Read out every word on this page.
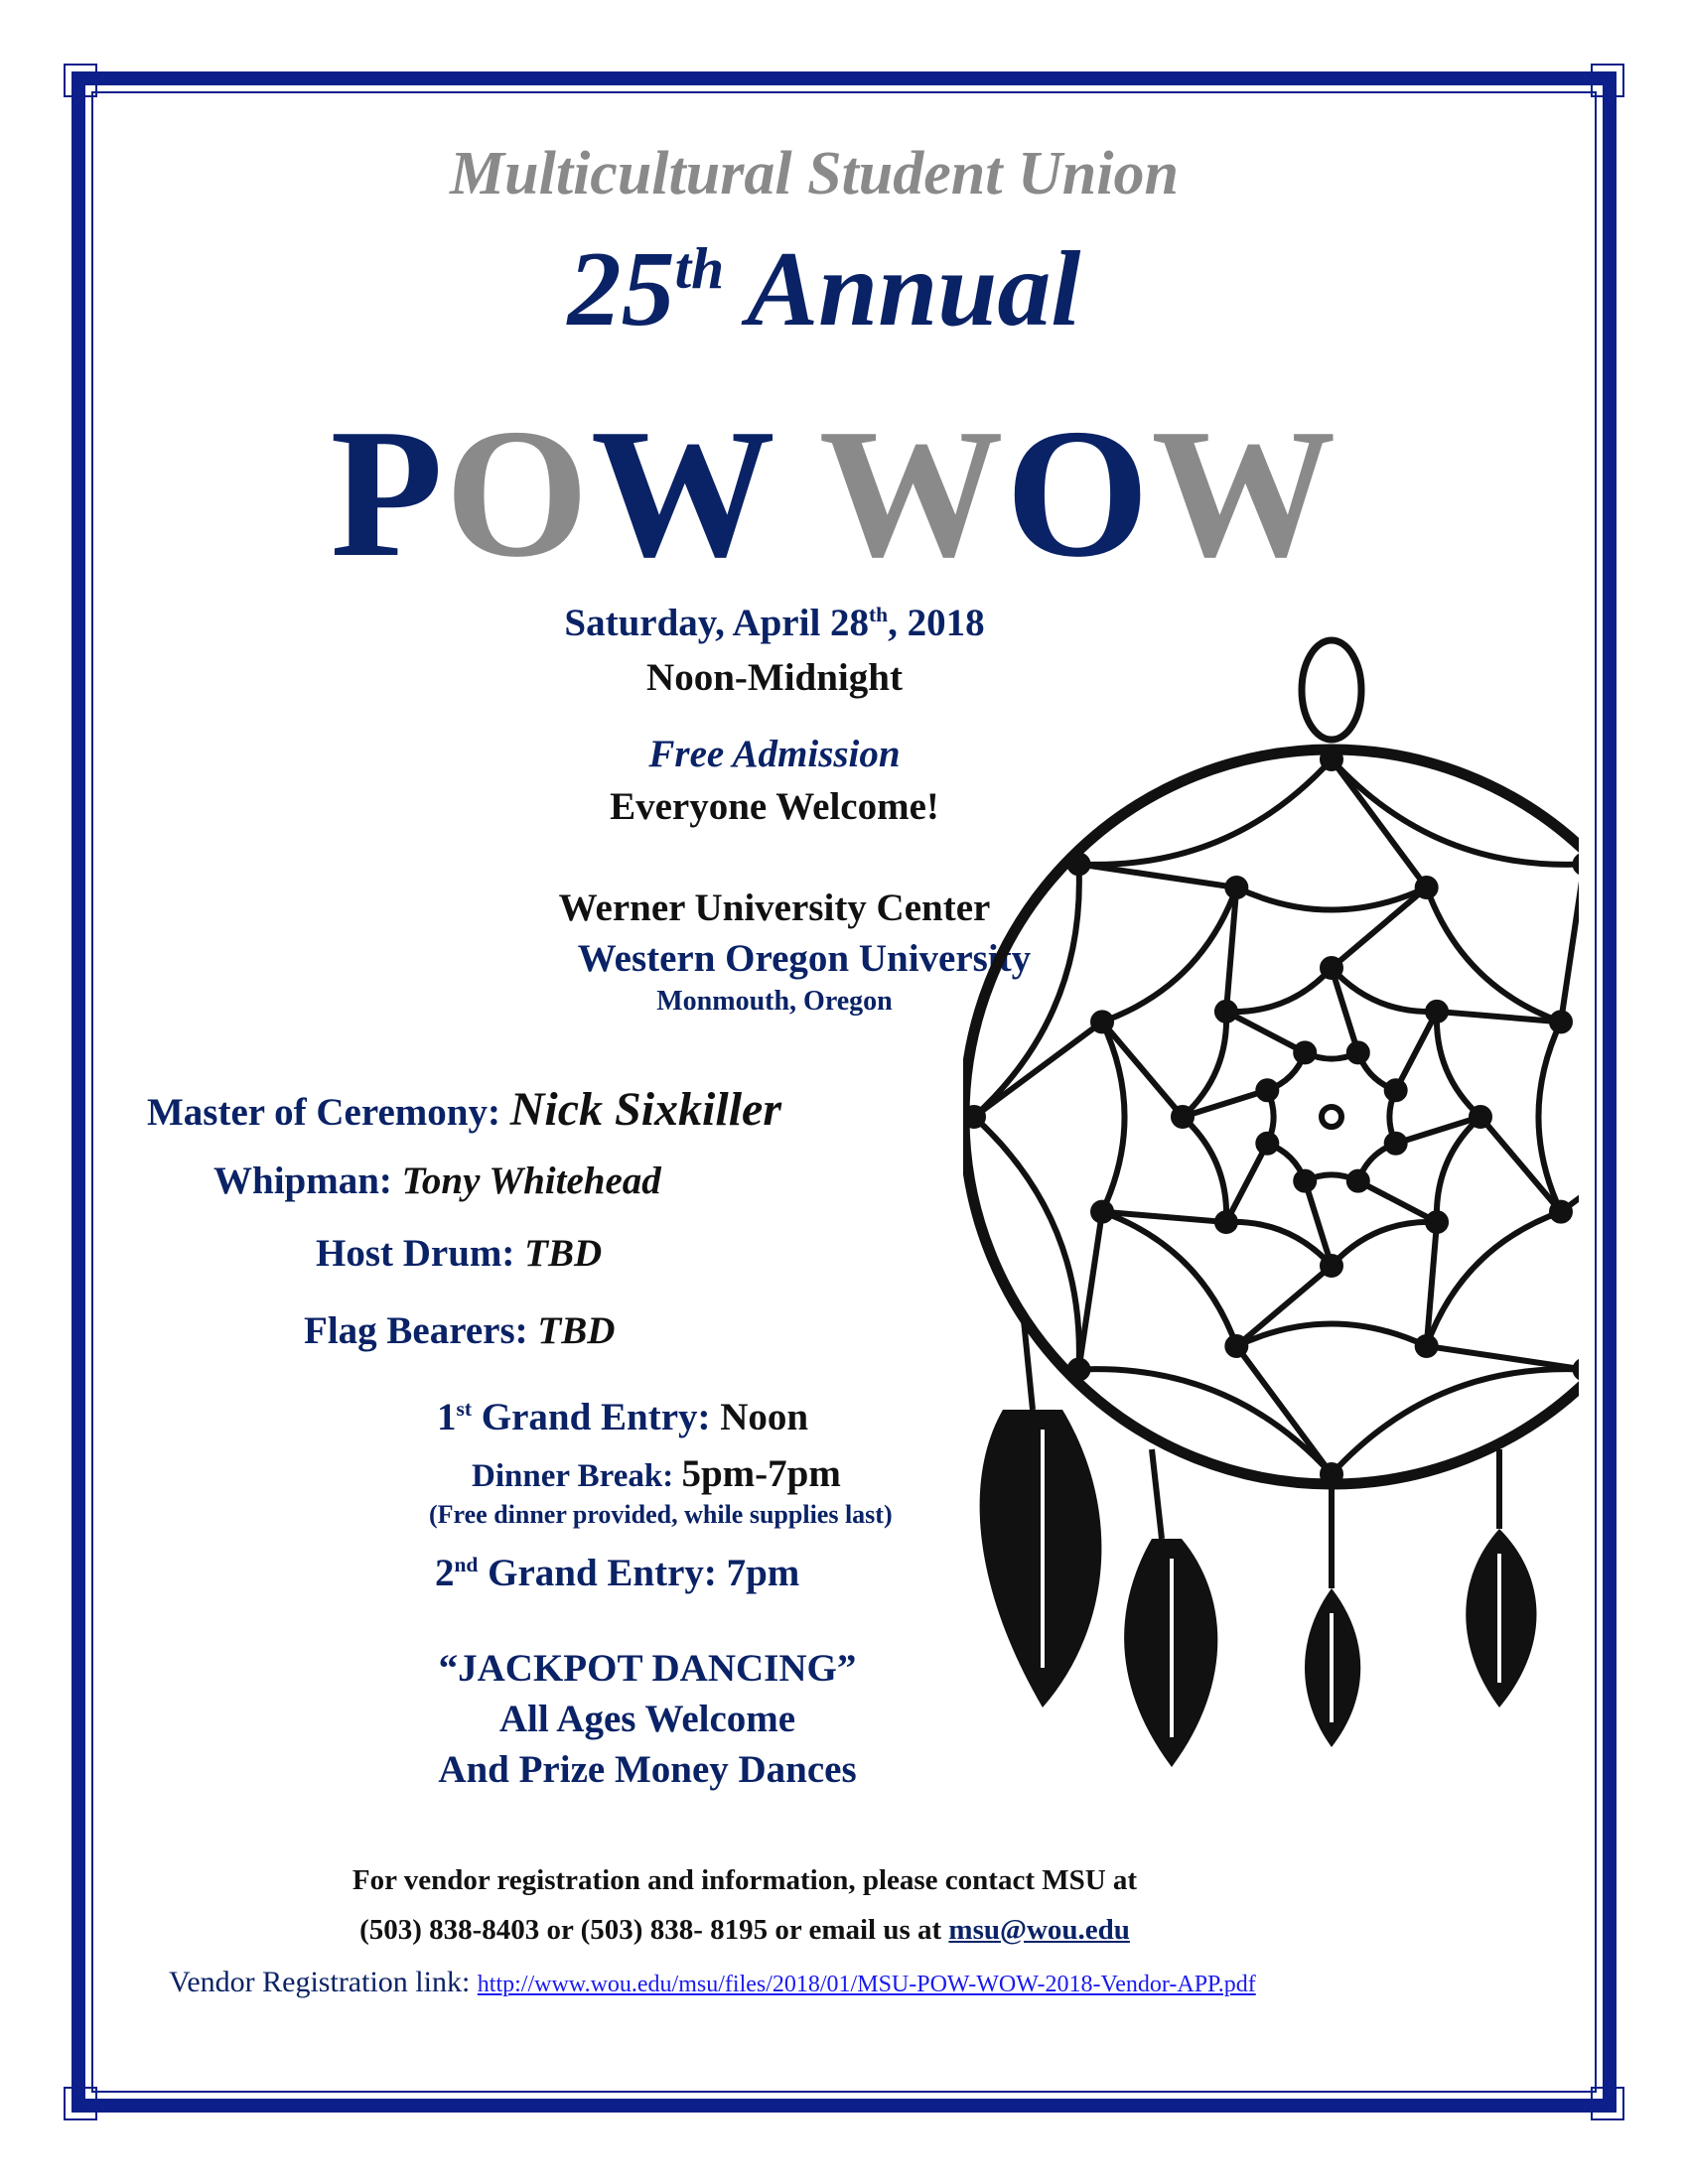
Multicultural Student Union

25th Annual

POW WOW

Saturday, April 28th, 2018

Noon-Midnight

Free Admission

Everyone Welcome!

Werner University Center

Western Oregon University

Monmouth, Oregon

Master of Ceremony: Nick Sixkiller

Whipman: Tony Whitehead

Host Drum: TBD

Flag Bearers: TBD

1st Grand Entry: Noon

Dinner Break: 5pm-7pm

(Free dinner provided, while supplies last)

2nd Grand Entry: 7pm

“JACKPOT DANCING”

All Ages Welcome

And Prize Money Dances

For vendor registration and information, please contact MSU at

(503) 838-8403 or (503) 838- 8195 or email us at msu@wou.edu

Vendor Registration link: http://www.wou.edu/msu/files/2018/01/MSU-POW-WOW-2018-Vendor-APP.pdf
